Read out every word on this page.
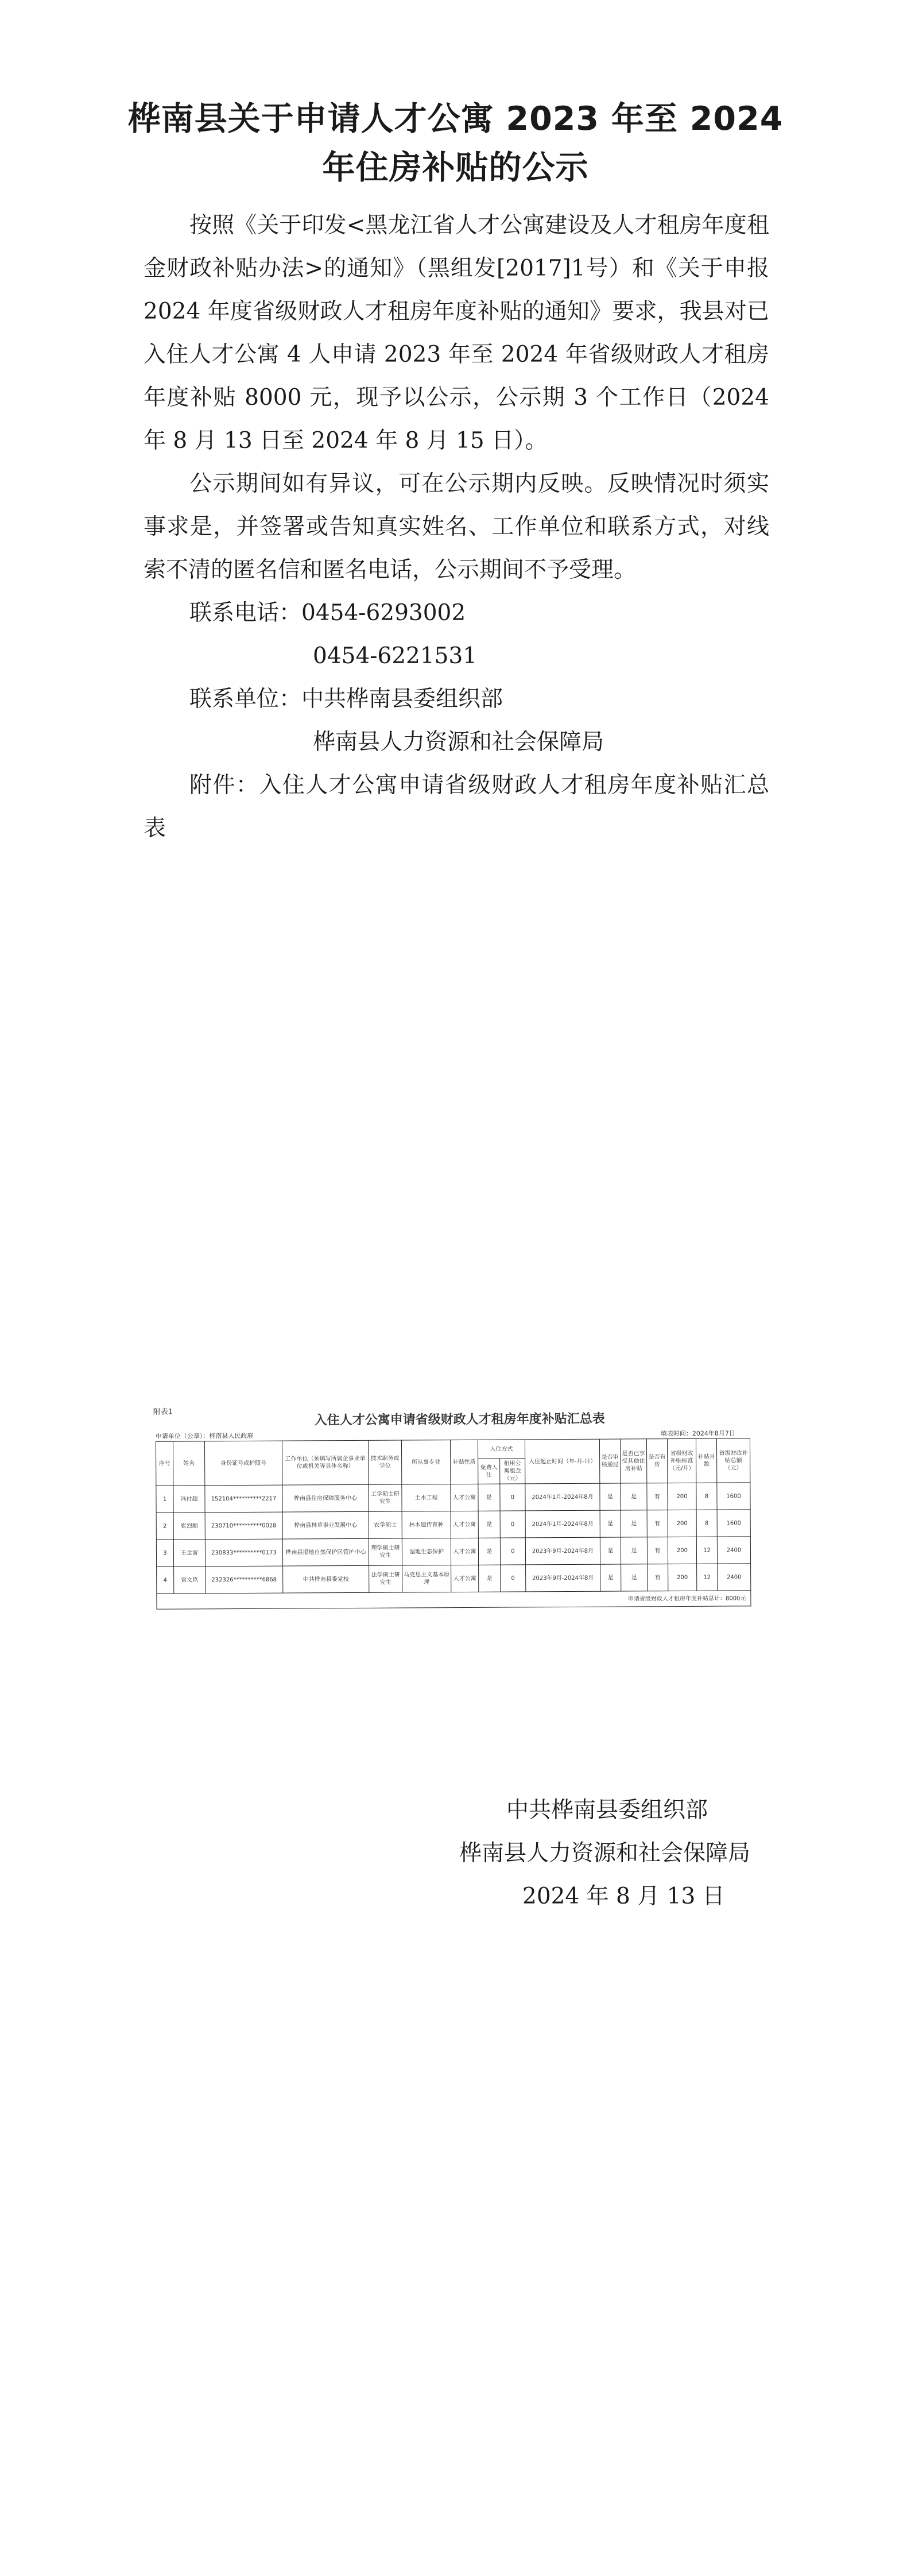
桦南县关于申请人才公寓 2023 年至 2024
年住房补贴的公示

按照《关于印发<黑龙江省人才公寓建设及人才租房年度租金财政补贴办法>的通知》（黑组发[2017]1号）和《关于申报 2024 年度省级财政人才租房年度补贴的通知》要求，我县对已入住人才公寓 4 人申请 2023 年至 2024 年省级财政人才租房年度补贴 8000 元，现予以公示，公示期 3 个工作日（2024 年 8 月 13 日至 2024 年 8 月 15 日）。

公示期间如有异议，可在公示期内反映。反映情况时须实事求是，并签署或告知真实姓名、工作单位和联系方式，对线索不清的匿名信和匿名电话，公示期间不予受理。

联系电话：0454-6293002

0454-6221531

联系单位：中共桦南县委组织部

桦南县人力资源和社会保障局

附件：入住人才公寓申请省级财政人才租房年度补贴汇总表

附表1	入住人才公寓申请省级财政人才租房年度补贴汇总表
申请单位（公章）：桦南县人民政府	填表时间：2024年8月7日
序号	姓名	身份证号或护照号	工作单位（须填写所属企事业单位或机关等具体名称）	技术职务或学位	所从事专业	补贴性质	入住方式		入住起止时间（年-月-日）	是否审核通过	是否已享受其他住房补贴	是否有房	省级财政补贴标准（元/月）	补贴月数	省级财政补贴总额（元）
							免费入住	租用公寓租金（元）							
1	冯付超	152104**********2217	桦南县住房保障服务中心	工学硕士研究生	土木工程	人才公寓	是	0	2024年1月-2024年8月	是	是	有	200	8	1600
2	崔烈顺	230710**********0028	桦南县林草事业发展中心	农学硕士	林木遗传育种	人才公寓	是	0	2024年1月-2024年8月	是	是	有	200	8	1600
3	王金游	230833**********0173	桦南县湿地自然保护区管护中心	理学硕士研究生	湿地生态保护	人才公寓	是	0	2023年9月-2024年8月	是	是	有	200	12	2400
4	雷文玖	232326**********6868	中共桦南县委党校	法学硕士研究生	马克思主义基本原理	人才公寓	是	0	2023年9月-2024年8月	是	是	有	200	12	2400
申请省级财政人才租房年度补贴总计：8000元															
中共桦南县委组织部
桦南县人力资源和社会保障局
2024 年 8 月 13 日
